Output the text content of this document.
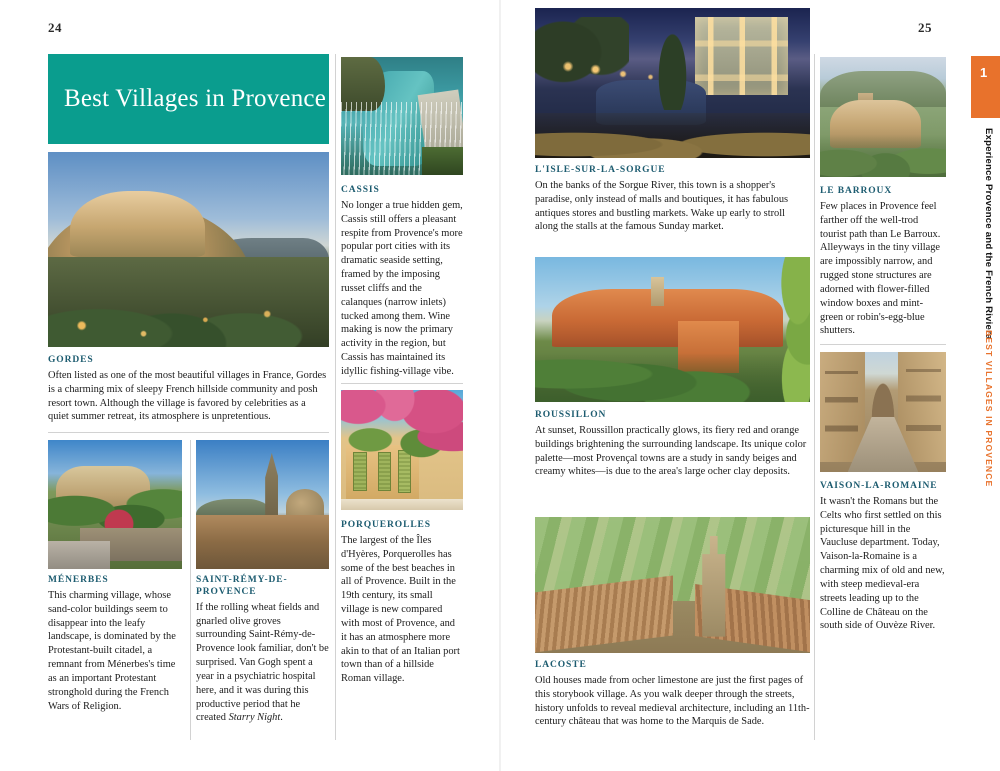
24	25
Best Villages in Provence
GORDES
Often listed as one of the most beautiful villages in France, Gordes is a charming mix of sleepy French hillside community and posh resort town. Although the village is favored by celebrities as a quiet summer retreat, its atmosphere is unpretentious.
MÉNERBES
This charming village, whose sand-color buildings seem to disappear into the leafy landscape, is dominated by the Protestant-built citadel, a remnant from Ménerbes's time as an important Protestant stronghold during the French Wars of Religion.
SAINT-RÉMY-DE-PROVENCE
If the rolling wheat fields and gnarled olive groves surrounding Saint-Rémy-de-Provence look familiar, don't be surprised. Van Gogh spent a year in a psychiatric hospital here, and it was during this productive period that he created Starry Night.
CASSIS
No longer a true hidden gem, Cassis still offers a pleasant respite from Provence's more popular port cities with its dramatic seaside setting, framed by the imposing russet cliffs and the calanques (narrow inlets) tucked among them. Wine making is now the primary activity in the region, but Cassis has maintained its idyllic fishing-village vibe.
PORQUEROLLES
The largest of the Îles d'Hyères, Porquerolles has some of the best beaches in all of Provence. Built in the 19th century, its small village is new compared with most of Provence, and it has an atmosphere more akin to that of an Italian port town than of a hillside Roman village.
L'ISLE-SUR-LA-SORGUE
On the banks of the Sorgue River, this town is a shopper's paradise, only instead of malls and boutiques, it has fabulous antiques stores and bustling markets. Wake up early to stroll along the stalls at the famous Sunday market.
ROUSSILLON
At sunset, Roussillon practically glows, its fiery red and orange buildings brightening the surrounding landscape. Its unique color palette—most Provençal towns are a study in sandy beiges and creamy whites—is due to the area's large ocher clay deposits.
LACOSTE
Old houses made from ocher limestone are just the first pages of this storybook village. As you walk deeper through the streets, history unfolds to reveal medieval architecture, including an 11th-century château that was home to the Marquis de Sade.
LE BARROUX
Few places in Provence feel farther off the well-trod tourist path than Le Barroux. Alleyways in the tiny village are impossibly narrow, and rugged stone structures are adorned with flower-filled window boxes and mint-green or robin's-egg-blue shutters.
VAISON-LA-ROMAINE
It wasn't the Romans but the Celts who first settled on this picturesque hill in the Vaucluse department. Today, Vaison-la-Romaine is a charming mix of old and new, with steep medieval-era streets leading up to the Colline de Château on the south side of Ouvèze River.
1
Experience Provence and the French Riviera
BEST VILLAGES IN PROVENCE
